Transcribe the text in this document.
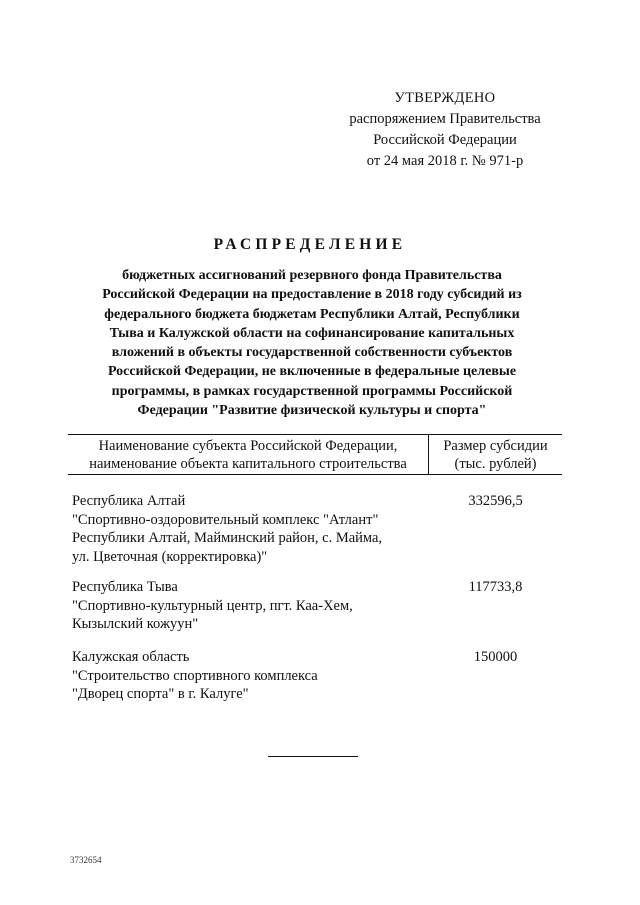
УТВЕРЖДЕНО
распоряжением Правительства
Российской Федерации
от 24 мая 2018 г. № 971-р
РАСПРЕДЕЛЕНИЕ
бюджетных ассигнований резервного фонда Правительства
Российской Федерации на предоставление в 2018 году субсидий из
федерального бюджета бюджетам Республики Алтай, Республики
Тыва и Калужской области на софинансирование капитальных
вложений в объекты государственной собственности субъектов
Российской Федерации, не включенные в федеральные целевые
программы, в рамках государственной программы Российской
Федерации "Развитие физической культуры и спорта"
Наименование субъекта Российской Федерации,
наименование объекта капитального строительства
Размер субсидии
(тыс. рублей)
Республика Алтай
"Спортивно-оздоровительный комплекс "Атлант"
Республики Алтай, Майминский район, с. Майма,
ул. Цветочная (корректировка)"
332596,5
Республика Тыва
"Спортивно-культурный центр, пгт. Каа-Хем,
Кызылский кожуун"
117733,8
Калужская область
"Строительство спортивного комплекса
"Дворец спорта" в г. Калуге"
150000
3732654
